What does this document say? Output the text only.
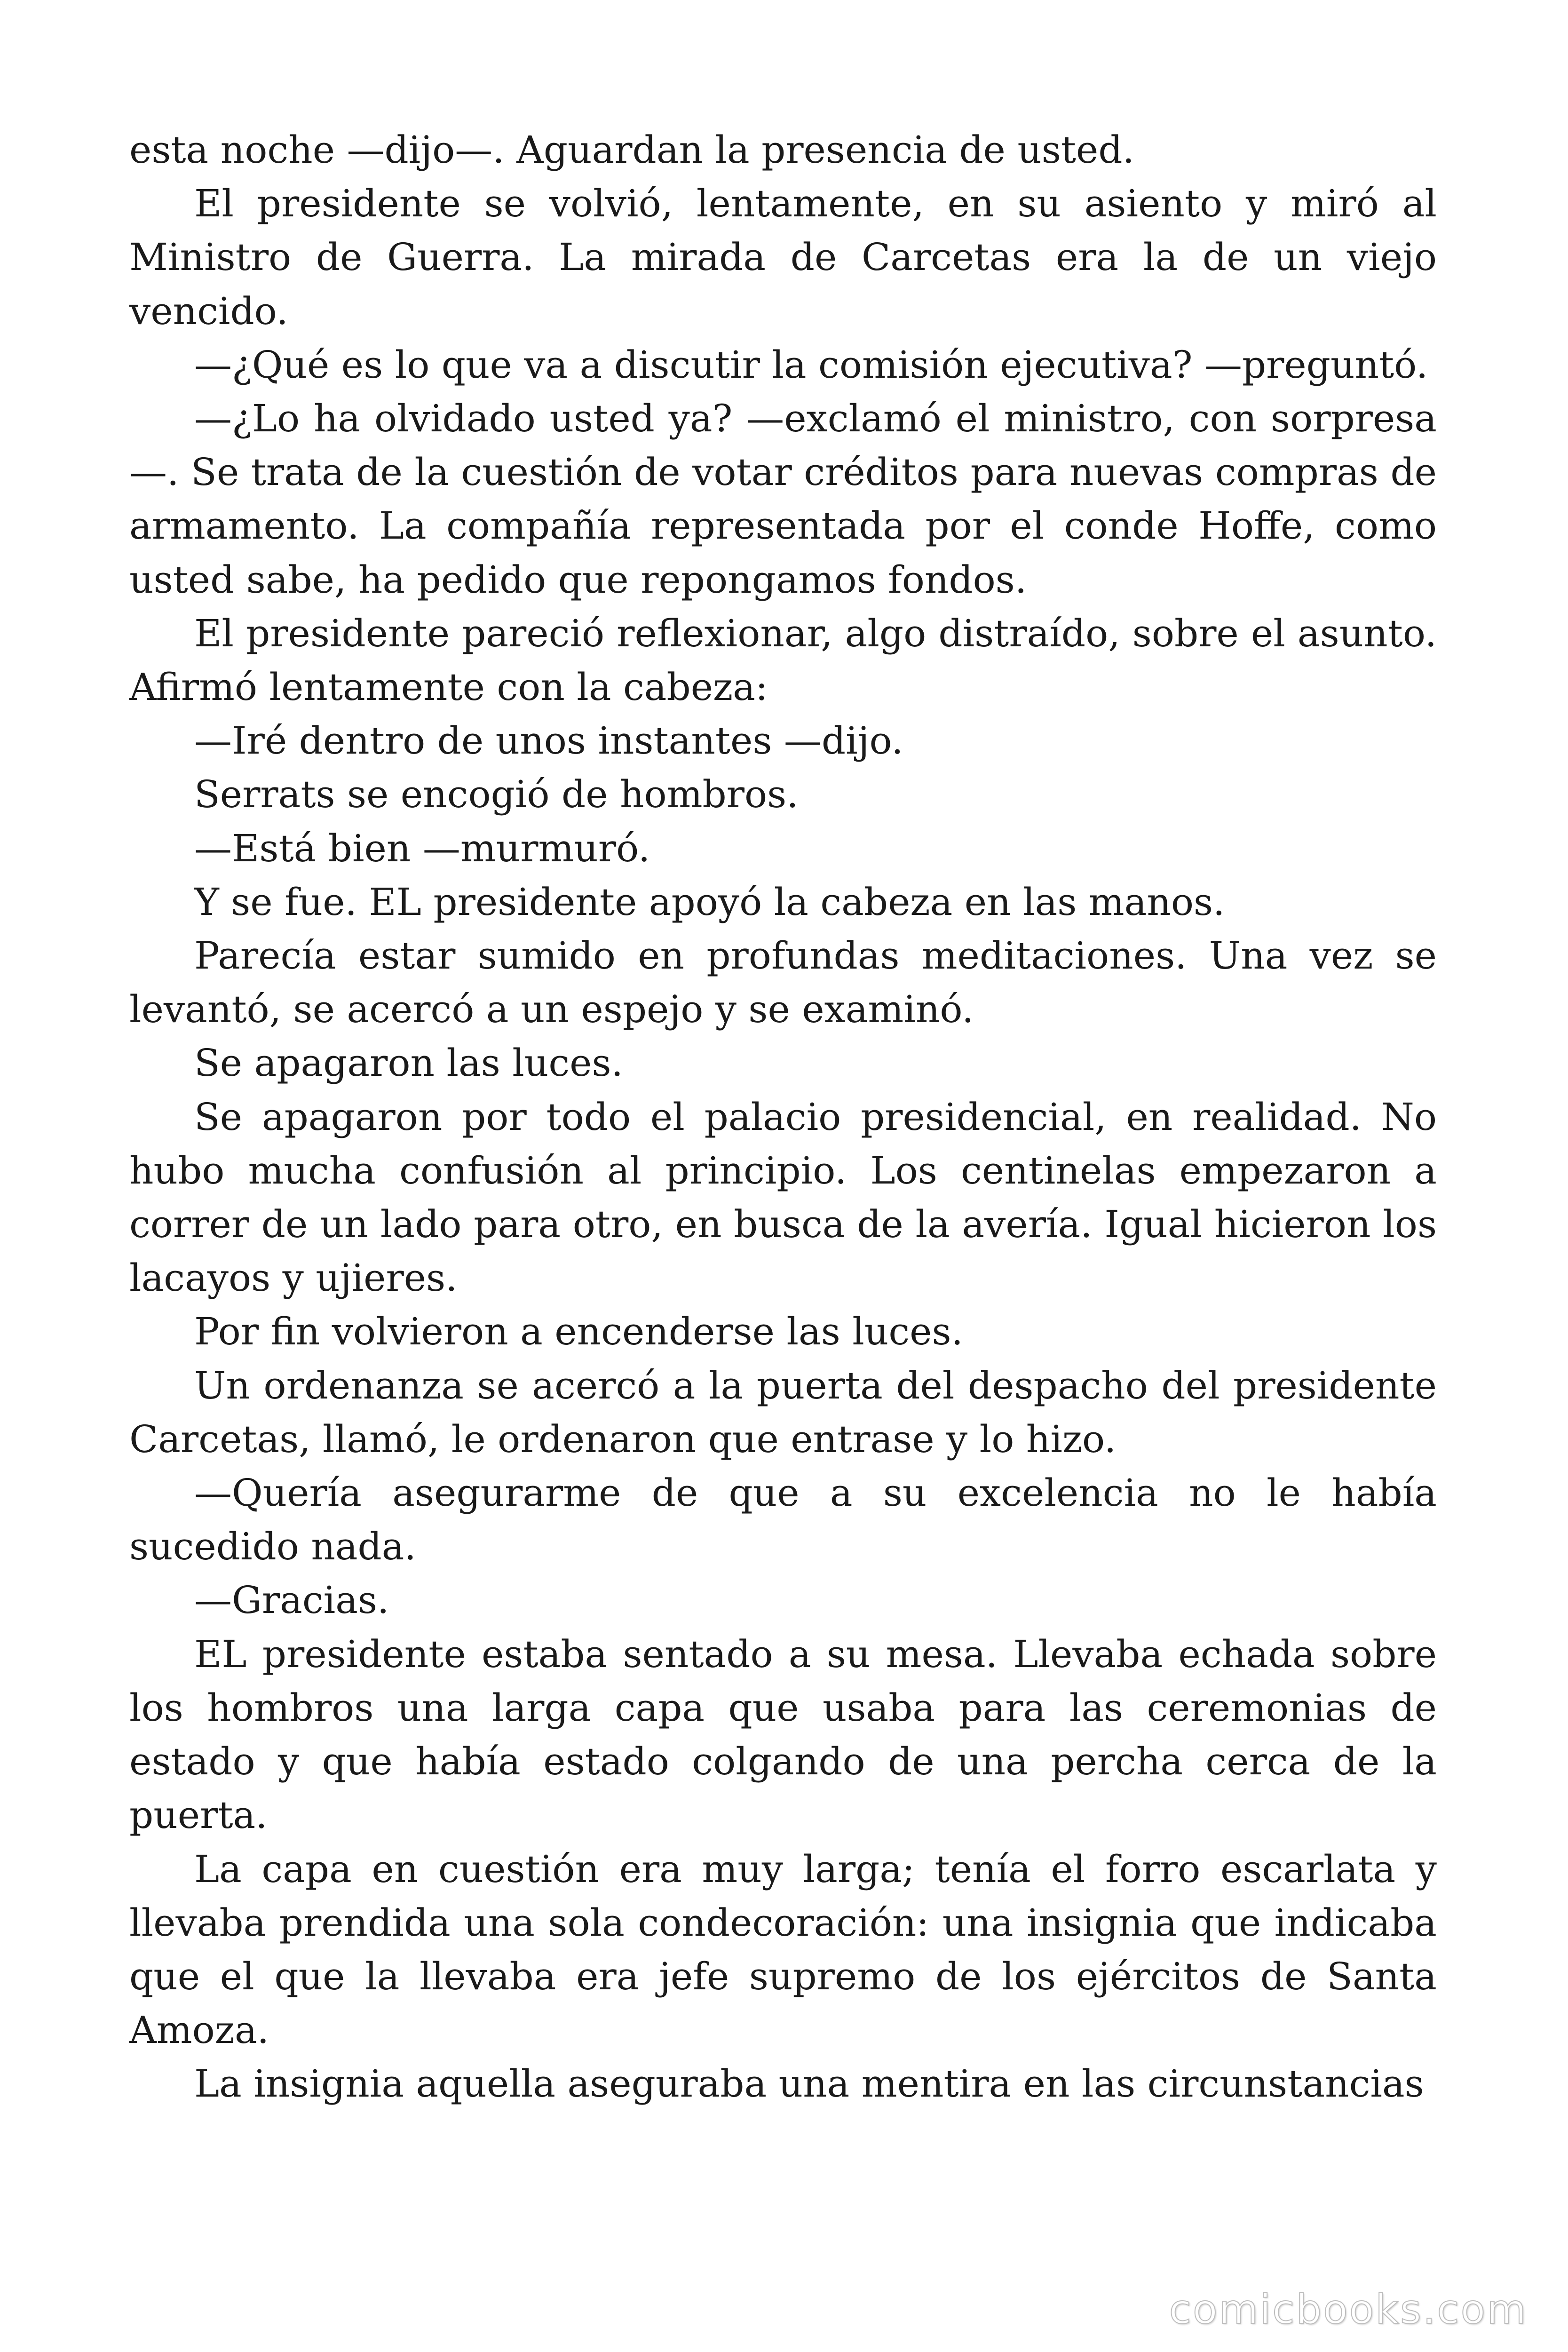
esta noche —dijo—. Aguardan la presencia de usted.

El presidente se volvió, lentamente, en su asiento y miró al Ministro de Guerra. La mirada de Carcetas era la de un viejo vencido.

—¿Qué es lo que va a discutir la comisión ejecutiva? —preguntó.

—¿Lo ha olvidado usted ya? —exclamó el ministro, con sorpresa —. Se trata de la cuestión de votar créditos para nuevas compras de armamento. La compañía representada por el conde Hoffe, como usted sabe, ha pedido que repongamos fondos.

El presidente pareció reflexionar, algo distraído, sobre el asunto. Afirmó lentamente con la cabeza:

—Iré dentro de unos instantes —dijo.

Serrats se encogió de hombros.

—Está bien —murmuró.

Y se fue. EL presidente apoyó la cabeza en las manos.

Parecía estar sumido en profundas meditaciones. Una vez se levantó, se acercó a un espejo y se examinó.

Se apagaron las luces.

Se apagaron por todo el palacio presidencial, en realidad. No hubo mucha confusión al principio. Los centinelas empezaron a correr de un lado para otro, en busca de la avería. Igual hicieron los lacayos y ujieres.

Por fin volvieron a encenderse las luces.

Un ordenanza se acercó a la puerta del despacho del presidente Carcetas, llamó, le ordenaron que entrase y lo hizo.

—Quería asegurarme de que a su excelencia no le había sucedido nada.

—Gracias.

EL presidente estaba sentado a su mesa. Llevaba echada sobre los hombros una larga capa que usaba para las ceremonias de estado y que había estado colgando de una percha cerca de la puerta.

La capa en cuestión era muy larga; tenía el forro escarlata y llevaba prendida una sola condecoración: una insignia que indicaba que el que la llevaba era jefe supremo de los ejércitos de Santa Amoza.

La insignia aquella aseguraba una mentira en las circunstancias

comicbooks.com
